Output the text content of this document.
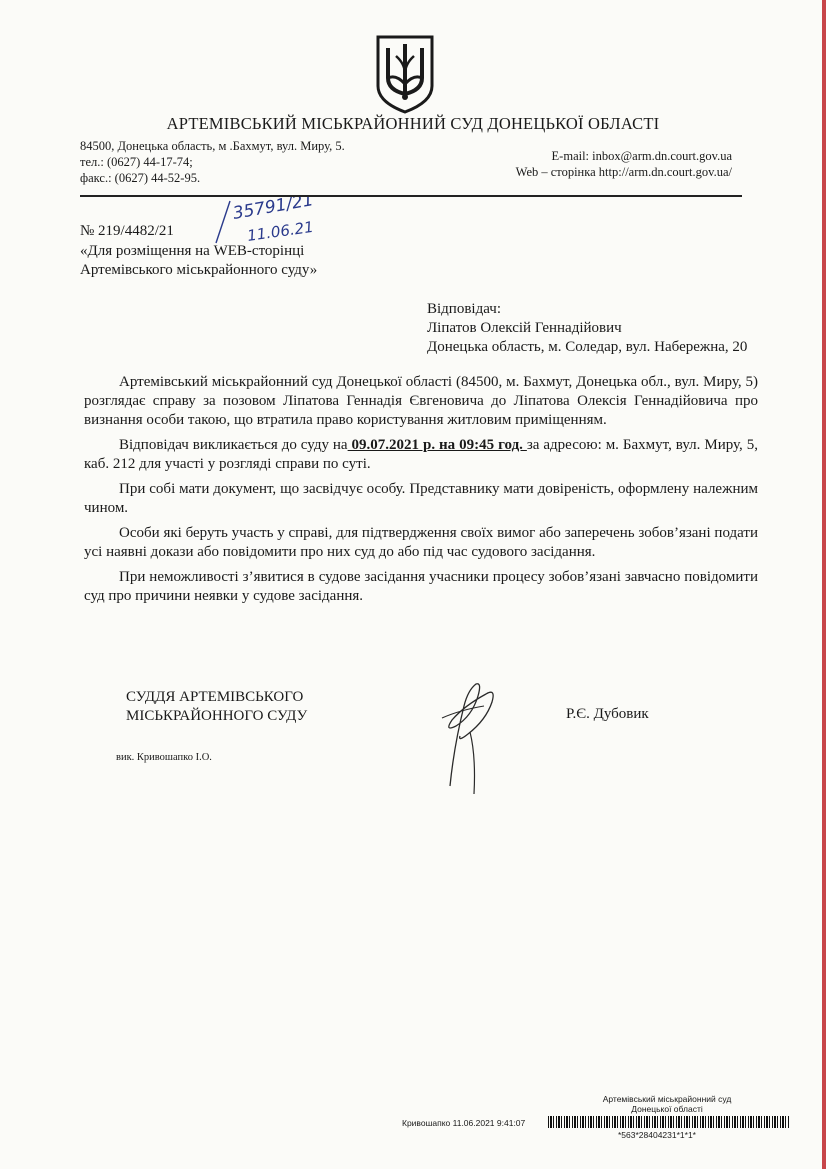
АРТЕМІВСЬКИЙ МІСЬКРАЙОННИЙ СУД ДОНЕЦЬКОЇ ОБЛАСТІ
84500, Донецька область, м .Бахмут, вул. Миру, 5.
тел.: (0627) 44-17-74;
факс.: (0627) 44-52-95.
E-mail: inbox@arm.dn.court.gov.ua
Web – сторінка http://arm.dn.court.gov.ua/
№ 219/4482/21
35791/21
11.06.21
«Для розміщення на WEB-сторінці
Артемівського міськрайонного суду»
Відповідач:
Ліпатов Олексій Геннадійович
Донецька область, м. Соледар, вул. Набережна, 20

Артемівський міськрайонний суд Донецької області (84500, м. Бахмут, Донецька обл., вул. Миру, 5) розглядає справу за позовом Ліпатова Геннадія Євгеновича до Ліпатова Олексія Геннадійовича про визнання особи такою, що втратила право користування житловим приміщенням.

Відповідач викликається до суду на 09.07.2021 р. на 09:45 год. за адресою: м. Бахмут, вул. Миру, 5, каб. 212 для участі у розгляді справи по суті.

При собі мати документ, що засвідчує особу. Представнику мати довіреність, оформлену належним чином.

Особи які беруть участь у справі, для підтвердження своїх вимог або заперечень зобов’язані подати усі наявні докази або повідомити про них суд до або під час судового засідання.

При неможливості з’явитися в судове засідання учасники процесу зобов’язані завчасно повідомити суд про причини неявки у судове засідання.

СУДДЯ АРТЕМІВСЬКОГО
МІСЬКРАЙОННОГО СУДУ	Р.Є. Дубовик
вик. Кривошапко І.О.
Артемівський міськрайонний суд
Донецької області
Кривошапко 11.06.2021 9:41:07
*563*28404231*1*1*
